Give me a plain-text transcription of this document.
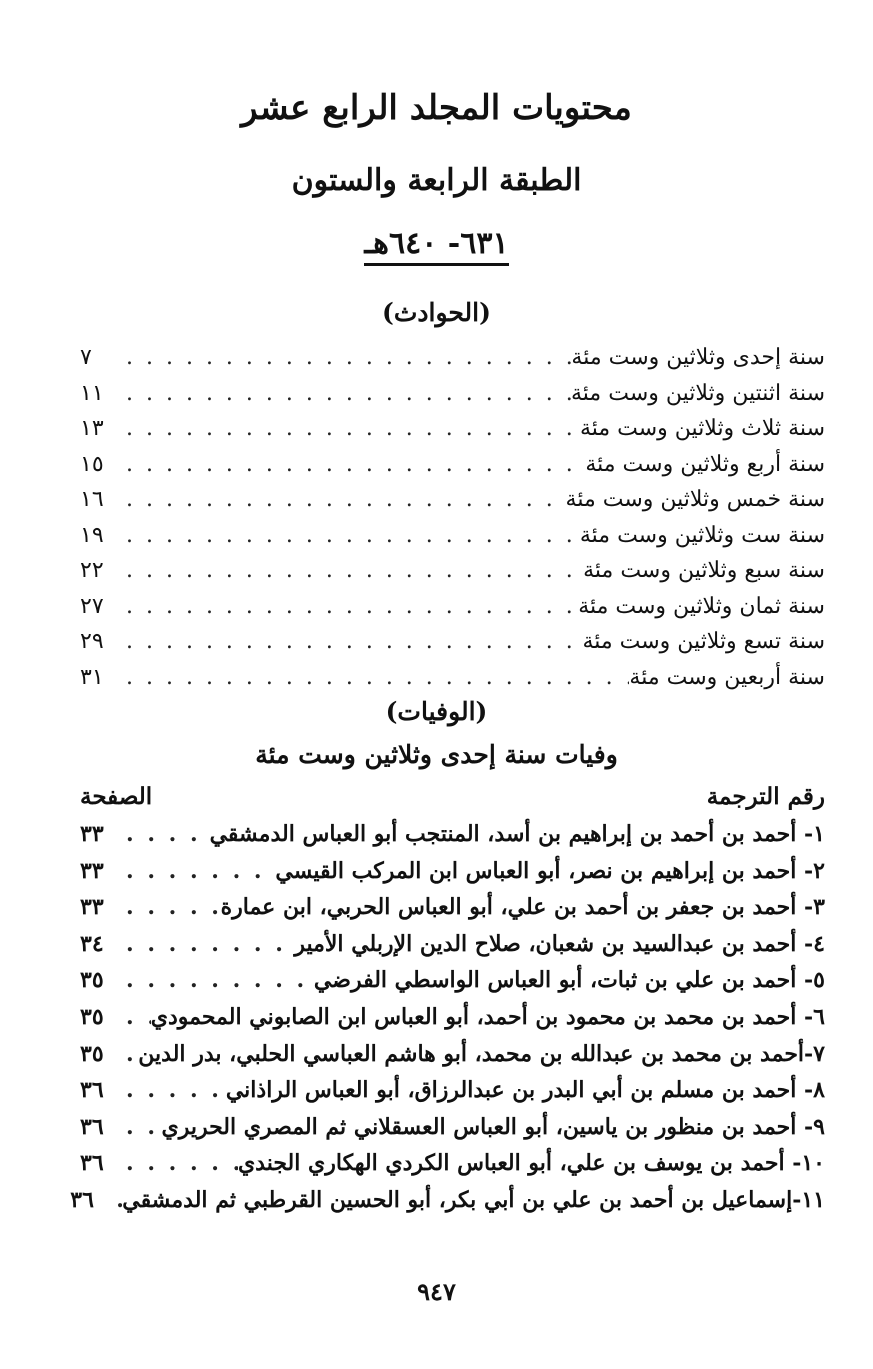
محتويات المجلد الرابع عشر
الطبقة الرابعة والستون
٦٣١- ٦٤٠هـ
(الحوادث)
سنة إحدى وثلاثين وست مئة
. . .
٧
سنة اثنتين وثلاثين وست مئة
. . .
١١
سنة ثلاث وثلاثين وست مئة
. . .
١٣
سنة أربع وثلاثين وست مئة
. . .
١٥
سنة خمس وثلاثين وست مئة
. . .
١٦
سنة ست وثلاثين وست مئة
. . .
١٩
سنة سبع وثلاثين وست مئة
. . .
٢٢
سنة ثمان وثلاثين وست مئة
. . .
٢٧
سنة تسع وثلاثين وست مئة
. . .
٢٩
سنة أربعين وست مئة
. . .
٣١
(الوفيات)
وفيات سنة إحدى وثلاثين وست مئة
رقم الترجمة
الصفحة
١- أحمد بن أحمد بن إبراهيم بن أسد، المنتجب أبو العباس الدمشقي
. . .
٣٣
٢- أحمد بن إبراهيم بن نصر، أبو العباس ابن المركب القيسي
. . .
٣٣
٣- أحمد بن جعفر بن أحمد بن علي، أبو العباس الحربي، ابن عمارة
. . .
٣٣
٤- أحمد بن عبدالسيد بن شعبان، صلاح الدين الإربلي الأمير
. . .
٣٤
٥- أحمد بن علي بن ثبات، أبو العباس الواسطي الفرضي
. . .
٣٥
٦- أحمد بن محمد بن محمود بن أحمد، أبو العباس ابن الصابوني المحمودي
. . .
٣٥
٧-أحمد بن محمد بن عبدالله بن محمد، أبو هاشم العباسي الحلبي، بدر الدين
. . .
٣٥
٨- أحمد بن مسلم بن أبي البدر بن عبدالرزاق، أبو العباس الراذاني
. . .
٣٦
٩- أحمد بن منظور بن ياسين، أبو العباس العسقلاني ثم المصري الحريري
. . .
٣٦
١٠- أحمد بن يوسف بن علي، أبو العباس الكردي الهكاري الجندي
. . .
٣٦
١١-إسماعيل بن أحمد بن علي بن أبي بكر، أبو الحسين القرطبي ثم الدمشقي
. . .
٣٦
٩٤٧
